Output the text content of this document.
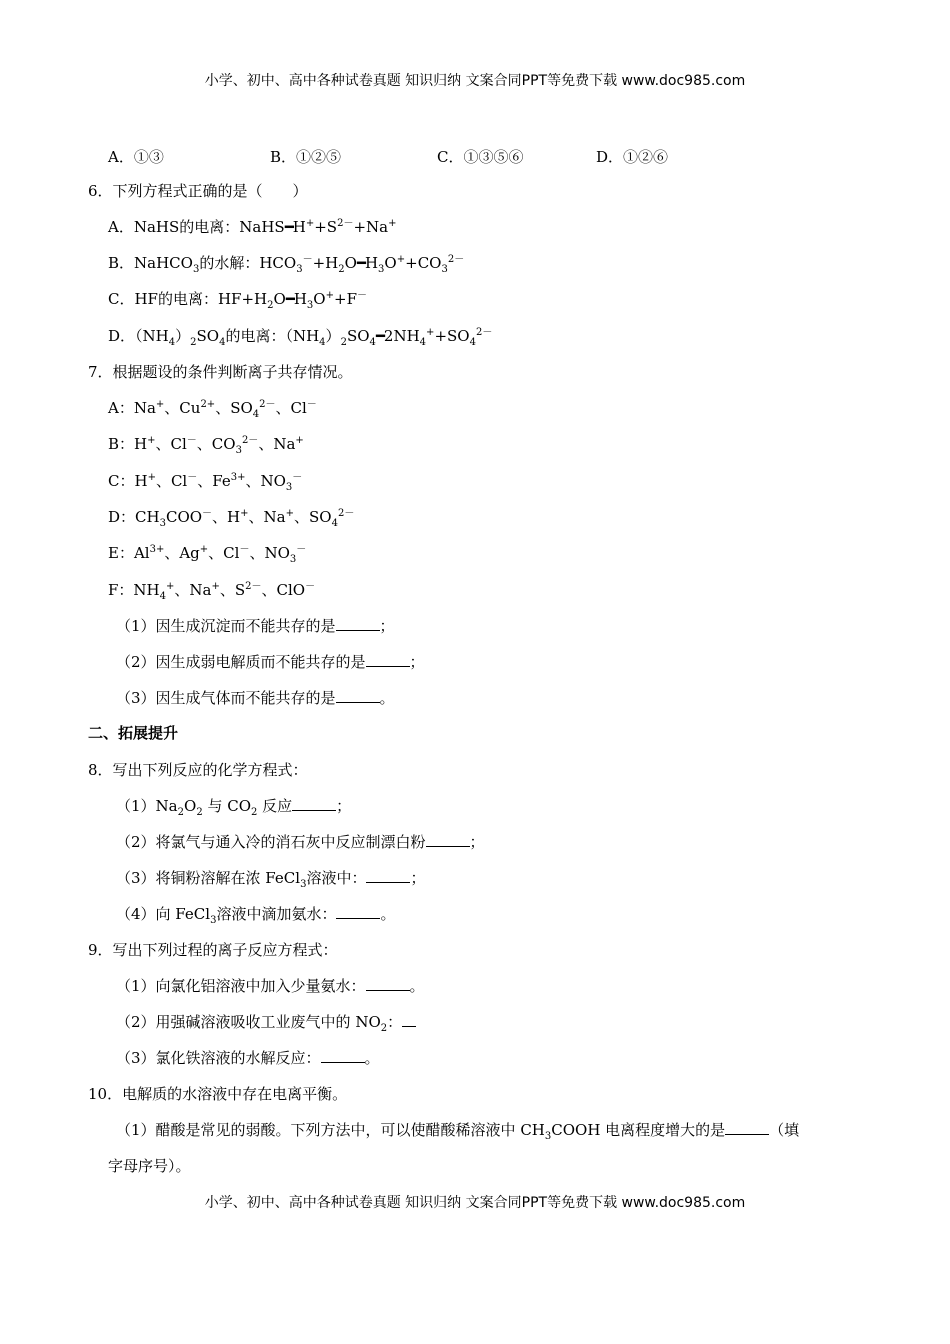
小学、初中、高中各种试卷真题 知识归纳 文案合同PPT等免费下载 www.doc985.com
A．①③	B．①②⑤	C．①③⑤⑥	D．①②⑥
6．下列方程式正确的是（　　）
A．NaHS的电离：$NaHS━H^++S^{2-}+Na^+$
B．NaHCO$_3$的水解：$HCO_3^-+H_2O━H_3O^++CO_3^{2-}$
C．HF的电离：$HF+H_2O━H_3O^++F^-$
D．$(NH_4)_2SO_4$的电离：$(NH_4)_2SO_4━2NH_4^++SO_4^{2-}$
7．根据题设的条件判断离子共存情况。
A：Na+、$Cu^{2+}$、$SO_4^{2-}$、Cl－
B：H+、Cl－、$CO_3^{2-}$、Na+
C：H+、Cl－、$Fe^{3+}$、$NO_3^-$
D：$CH_3COO^-$、H+、Na+、$SO_4^{2-}$
E：$Al^{3+}$、Ag+、Cl－、$NO_3^-$
F：$NH_4^+$、Na+、$S^{2-}$、ClO－
（1）因生成沉淀而不能共存的是	；
（2）因生成弱电解质而不能共存的是	；
（3）因生成气体而不能共存的是	。
二、拓展提升
8．写出下列反应的化学方程式：
$(1)Na_2O_2$ 与 $CO_2$ 反应	；
（2）将氯气与通入冷的消石灰中反应制漂白粉	；
（3）将铜粉溶解在浓 FeCl$_3$溶液中：	；
（4）向 FeCl$_3$溶液中滴加氨水：	。
9．写出下列过程的离子反应方程式：
（1）向氯化铝溶液中加入少量氨水：	。
（2）用强碱溶液吸收工业废气中的 $NO_2$：
（3）氯化铁溶液的水解反应：	。
10．电解质的水溶液中存在电离平衡。
（1）醋酸是常见的弱酸。下列方法中，可以使醋酸稀溶液中 $CH_3COOH$ 电离程度增大的是	（填
字母序号）。
小学、初中、高中各种试卷真题 知识归纳 文案合同PPT等免费下载 www.doc985.com
